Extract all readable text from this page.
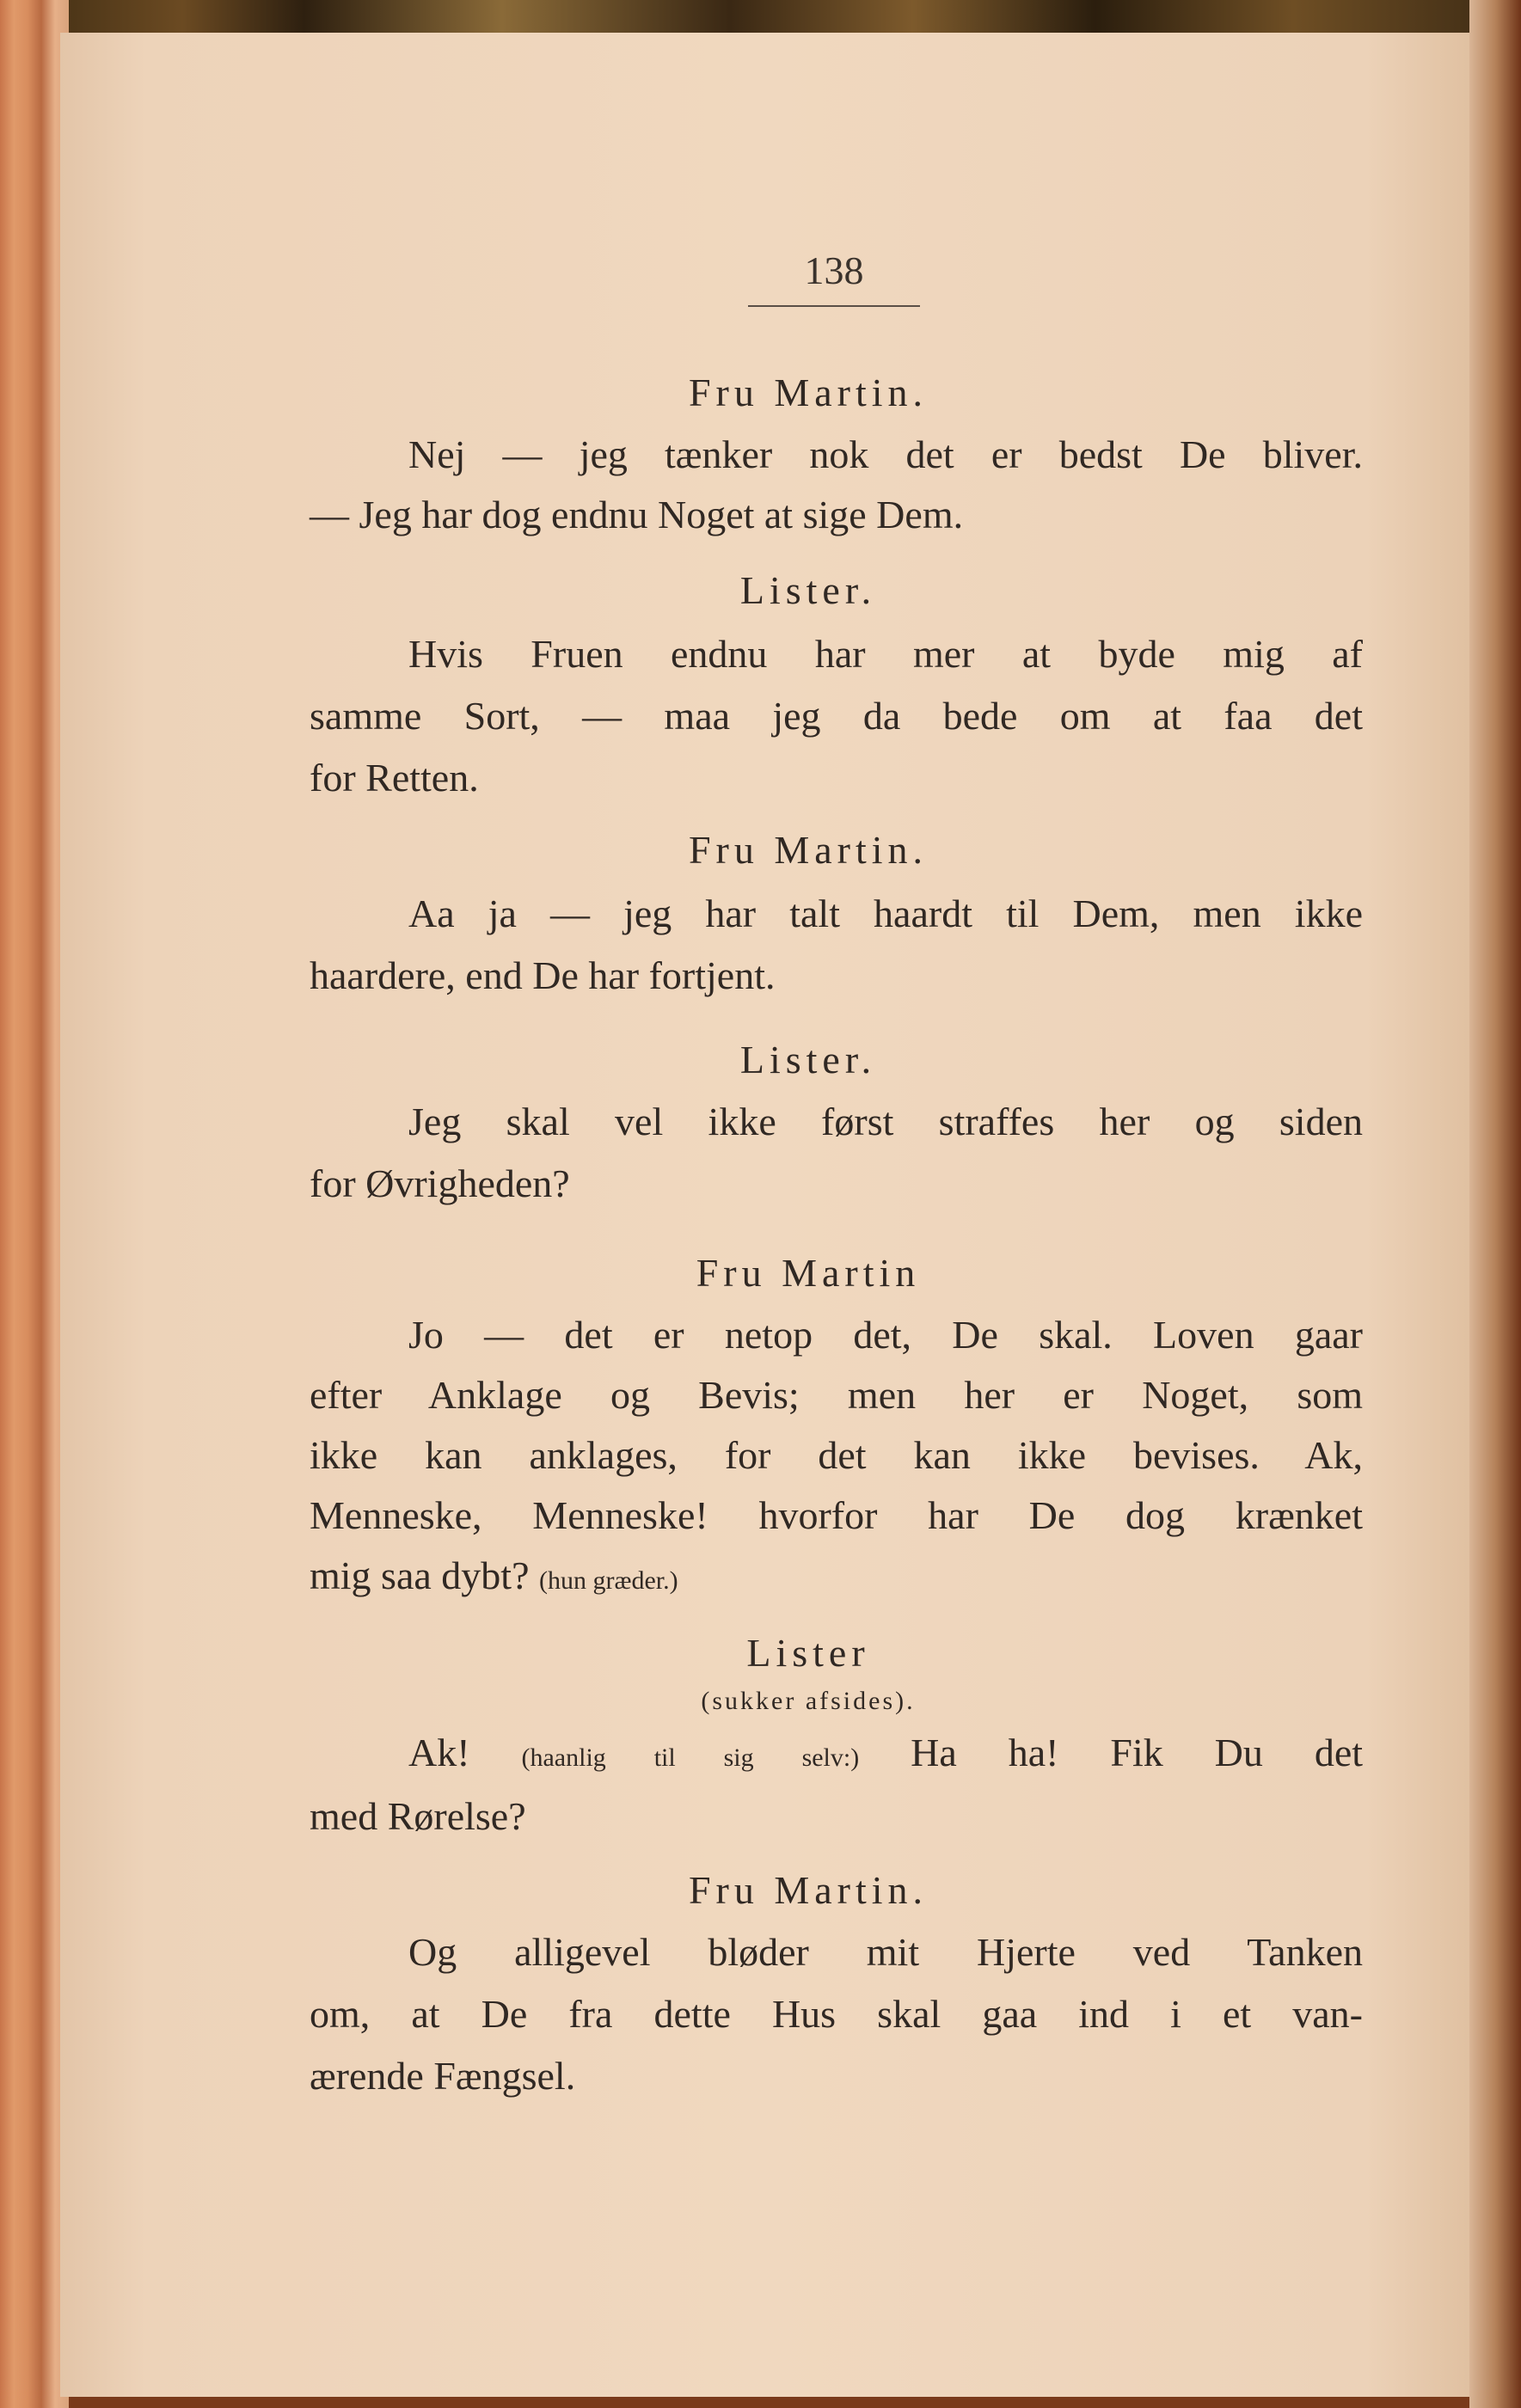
138
Fru Martin.
Nej — jeg tænker nok det er bedst De bliver.
— Jeg har dog endnu Noget at sige Dem.
Lister.
Hvis Fruen endnu har mer at byde mig af
samme Sort, — maa jeg da bede om at faa det
for Retten.
Fru Martin.
Aa ja — jeg har talt haardt til Dem, men ikke
haardere, end De har fortjent.
Lister.
Jeg skal vel ikke først straffes her og siden
for Øvrigheden?
Fru Martin
Jo — det er netop det, De skal. Loven gaar
efter Anklage og Bevis; men her er Noget, som
ikke kan anklages, for det kan ikke bevises. Ak,
Menneske, Menneske! hvorfor har De dog krænket
mig saa dybt? (hun græder.)
Lister
(sukker afsides).
Ak! (haanlig til sig selv:) Ha ha! Fik Du det
med Rørelse?
Fru Martin.
Og alligevel bløder mit Hjerte ved Tanken
om, at De fra dette Hus skal gaa ind i et van-
ærende Fængsel.
